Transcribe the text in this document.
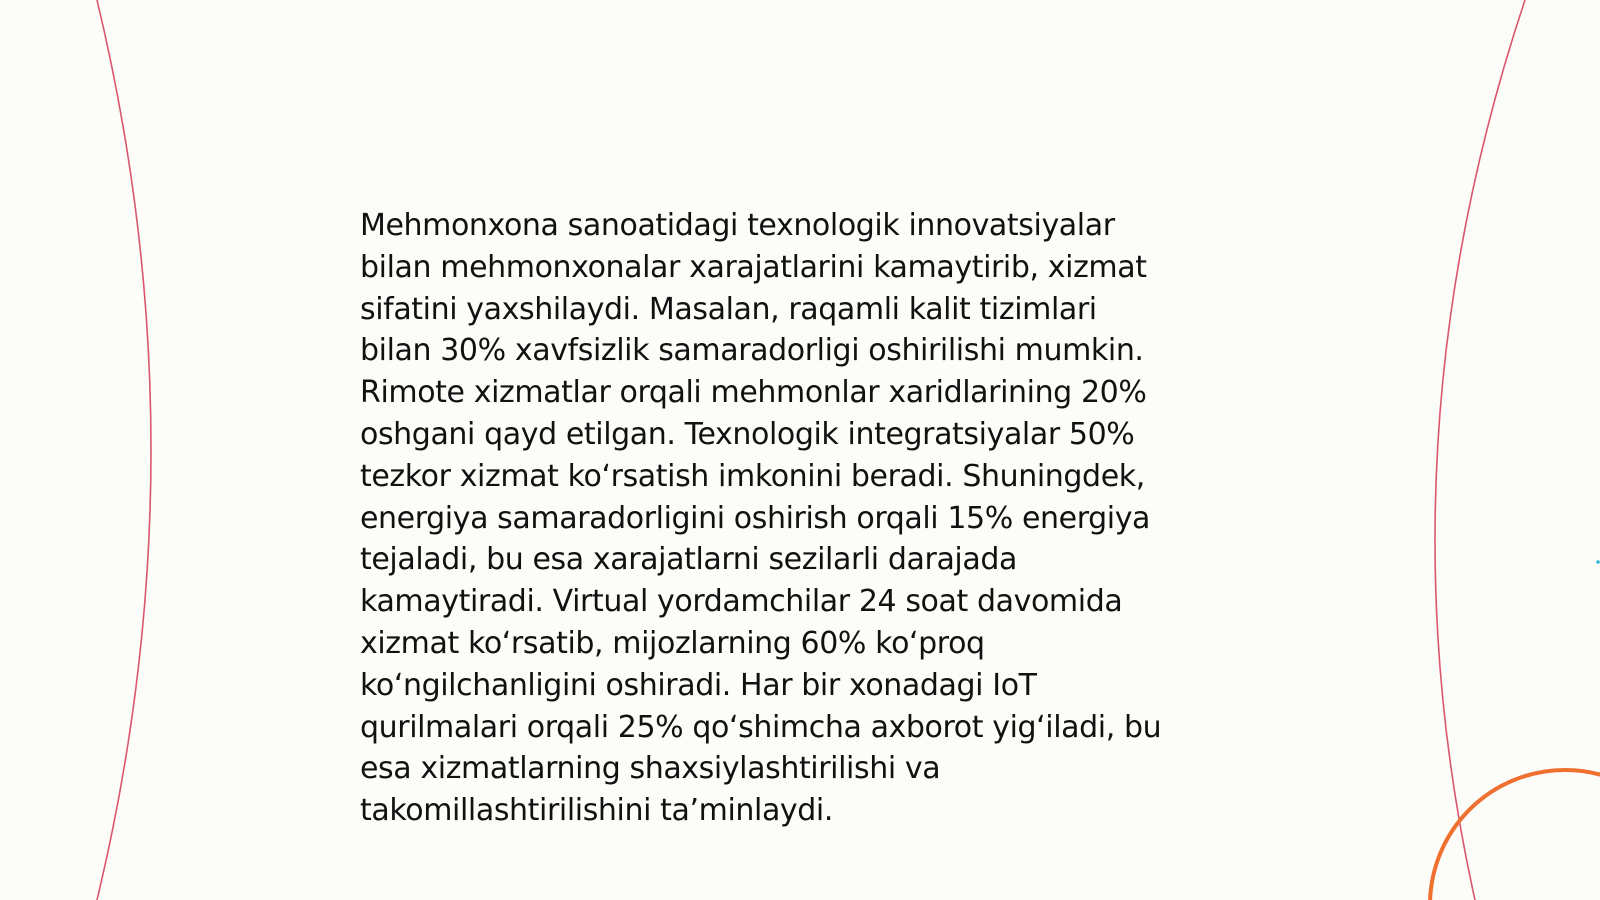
Mehmonxona sanoatidagi texnologik innovatsiyalar
bilan mehmonxonalar xarajatlarini kamaytirib, xizmat
sifatini yaxshilaydi. Masalan, raqamli kalit tizimlari
bilan 30% xavfsizlik samaradorligi oshirilishi mumkin.
Rimote xizmatlar orqali mehmonlar xaridlarining 20%
oshgani qayd etilgan. Texnologik integratsiyalar 50%
tezkor xizmat koʻrsatish imkonini beradi. Shuningdek,
energiya samaradorligini oshirish orqali 15% energiya
tejaladi, bu esa xarajatlarni sezilarli darajada
kamaytiradi. Virtual yordamchilar 24 soat davomida
xizmat koʻrsatib, mijozlarning 60% koʻproq
koʻngilchanligini oshiradi. Har bir xonadagi IoT
qurilmalari orqali 25% qoʻshimcha axborot yigʻiladi, bu
esa xizmatlarning shaxsiylashtirilishi va
takomillashtirilishini taʼminlaydi.
